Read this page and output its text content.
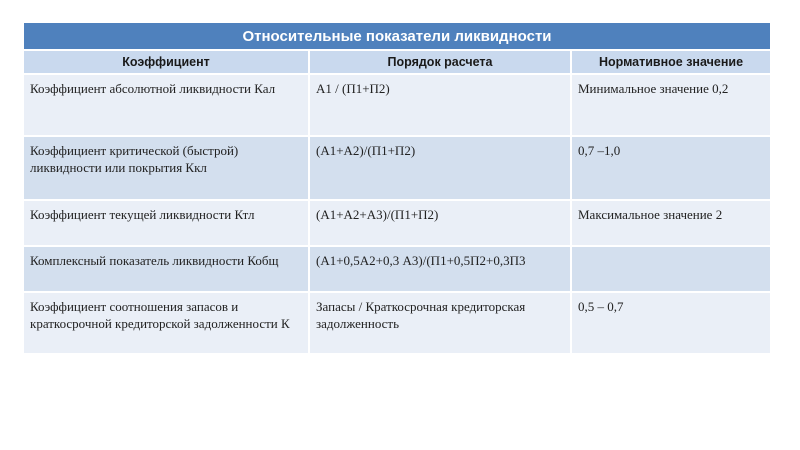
Относительные показатели ликвидности		
Коэффициент	Порядок расчета	Нормативное значение
Коэффициент абсолютной ликвидности Кал	А1 / (П1+П2)	Минимальное значение 0,2
Коэффициент критической (быстрой) ликвидности или покрытия Ккл	(А1+А2)/(П1+П2)	0,7 –1,0
Коэффициент текущей ликвидности Ктл	(А1+А2+А3)/(П1+П2)	Максимальное значение 2
Комплексный показатель ликвидности Кобщ	(А1+0,5А2+0,3 А3)/(П1+0,5П2+0,3П3	
Коэффициент соотношения запасов и краткосрочной кредиторской задолженности К	Запасы / Краткосрочная кредиторская задолженность	0,5 – 0,7
